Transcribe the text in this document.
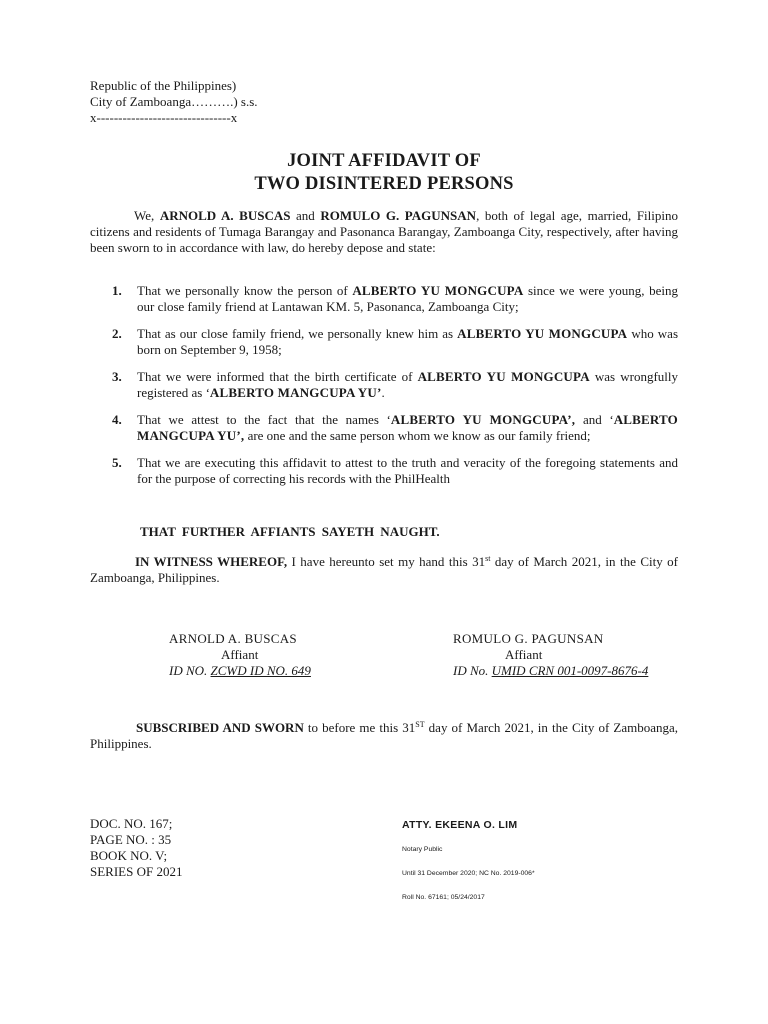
Republic of the Philippines)
City of Zamboanga……….) s.s.
x-------------------------------x
JOINT AFFIDAVIT OF
TWO DISINTERED PERSONS

We, ARNOLD A. BUSCAS and ROMULO G. PAGUNSAN, both of legal age, married, Filipino citizens and residents of Tumaga Barangay and Pasonanca Barangay, Zamboanga City, respectively, after having been sworn to in accordance with law, do hereby depose and state:

1. That we personally know the person of ALBERTO YU MONGCUPA since we were young, being our close family friend at Lantawan KM. 5, Pasonanca, Zamboanga City;
2. That as our close family friend, we personally knew him as ALBERTO YU MONGCUPA who was born on September 9, 1958;
3. That we were informed that the birth certificate of ALBERTO YU MONGCUPA was wrongfully registered as ‘ALBERTO MANGCUPA YU’.
4. That we attest to the fact that the names ‘ALBERTO YU MONGCUPA’, and ‘ALBERTO MANGCUPA YU’, are one and the same person whom we know as our family friend;
5. That we are executing this affidavit to attest to the truth and veracity of the foregoing statements and for the purpose of correcting his records with the PhilHealth
THAT FURTHER AFFIANTS SAYETH NAUGHT.

IN WITNESS WHEREOF, I have hereunto set my hand this 31st day of March 2021, in the City of Zamboanga, Philippines.

ARNOLD A. BUSCAS
Affiant
ID NO. ZCWD ID NO. 649
ROMULO G. PAGUNSAN
Affiant
ID No. UMID CRN 001-0097-8676-4

SUBSCRIBED AND SWORN to before me this 31ST day of March 2021, in the City of Zamboanga, Philippines.

DOC. NO. 167;
PAGE NO. : 35
BOOK NO. V;
SERIES OF 2021
ATTY. EKEENA O. LIM
Notary Public
Until 31 December 2020; NC No. 2019-006*
Roll No. 67161; 05/24/2017
